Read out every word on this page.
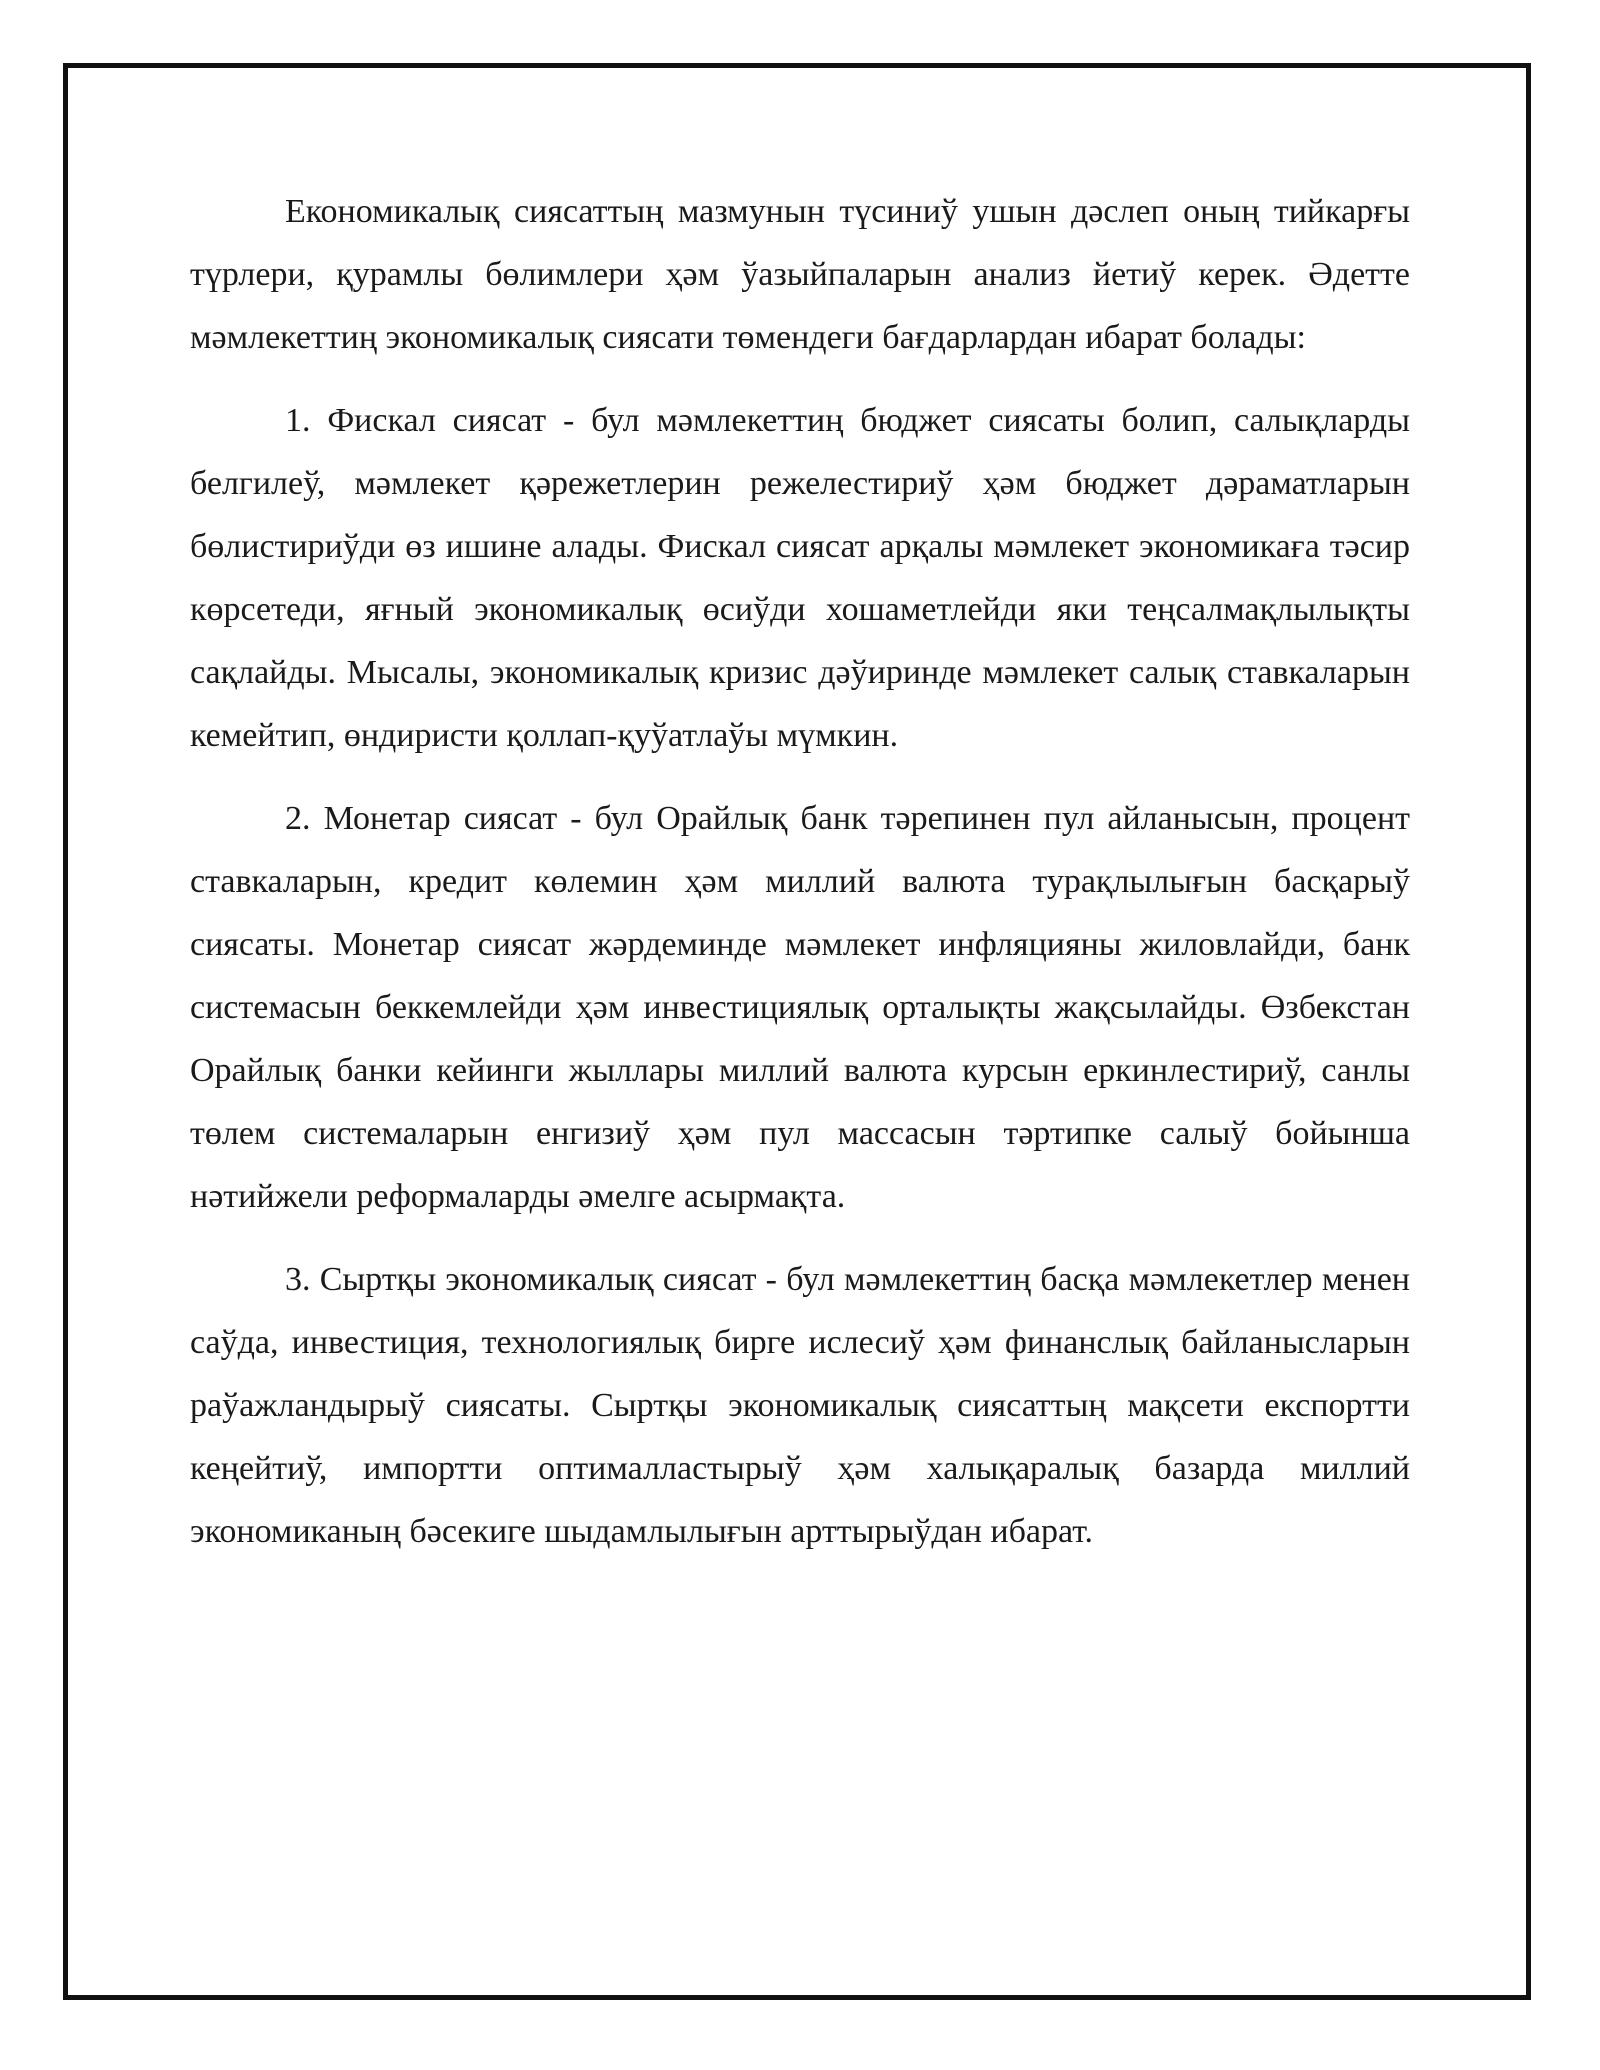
Економикалық сиясаттың мазмунын түсиниў ушын дәслеп оның тийкарғы түрлери, қурамлы бөлимлери ҳәм ўазыйпаларын анализ йетиў керек. Әдетте мәмлекеттиң экономикалық сиясати төмендеги бағдарлардан ибарат болады:

1. Фискал сиясат - бул мәмлекеттиң бюджет сиясаты болип, салықларды белгилеў, мәмлекет қәрежетлерин режелестириў ҳәм бюджет дәраматларын бөлистириўди өз ишине алады. Фискал сиясат арқалы мәмлекет экономикаға тәсир көрсетеди, яғный экономикалық өсиўди хошаметлейди яки теңсалмақлылықты сақлайды. Мысалы, экономикалық кризис дәўиринде мәмлекет салық ставкаларын кемейтип, өндиристи қоллап-қуўатлаўы мүмкин.

2. Монетар сиясат - бул Орайлық банк тәрепинен пул айланысын, процент ставкаларын, кредит көлемин ҳәм миллий валюта турақлылығын басқарыў сиясаты. Монетар сиясат жәрдеминде мәмлекет инфляцияны жиловлайди, банк системасын беккемлейди ҳәм инвестициялық орталықты жақсылайды. Өзбекстан Орайлық банки кейинги жыллары миллий валюта курсын еркинлестириў, санлы төлем системаларын енгизиў ҳәм пул массасын тәртипке салыў бойынша нәтийжели реформаларды әмелге асырмақта.

3. Сыртқы экономикалық сиясат - бул мәмлекеттиң басқа мәмлекетлер менен саўда, инвестиция, технологиялық бирге ислесиў ҳәм финанслық байланысларын раўажландырыў сиясаты. Сыртқы экономикалық сиясаттың мақсети експортти кеңейтиў, импортти оптималластырыў ҳәм халықаралық базарда миллий экономиканың бәсекиге шыдамлылығын арттырыўдан ибарат.
